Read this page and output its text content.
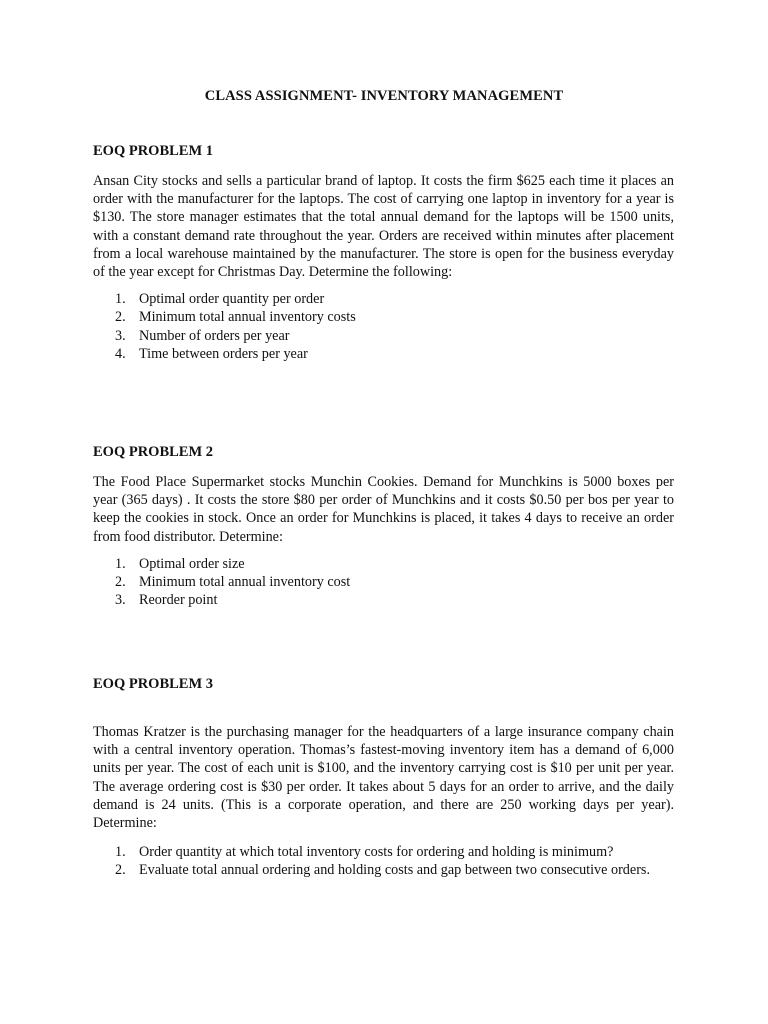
CLASS ASSIGNMENT- INVENTORY MANAGEMENT

EOQ PROBLEM 1

Ansan City stocks and sells a particular brand of laptop. It costs the firm $625 each time it places an order with the manufacturer for the laptops. The cost of carrying one laptop in inventory for a year is $130. The store manager estimates that the total annual demand for the laptops will be 1500 units, with a constant demand rate throughout the year. Orders are received within minutes after placement from a local warehouse maintained by the manufacturer. The store is open for the business everyday of the year except for Christmas Day. Determine the following:

1. Optimal order quantity per order
2. Minimum total annual inventory costs
3. Number of orders per year
4. Time between orders per year

EOQ PROBLEM 2

The Food Place Supermarket stocks Munchin Cookies. Demand for Munchkins is 5000 boxes per year (365 days) . It costs the store $80 per order of Munchkins and it costs $0.50 per bos per year to keep the cookies in stock. Once an order for Munchkins is placed, it takes 4 days to receive an order from food distributor. Determine:

1. Optimal order size
2. Minimum total annual inventory cost
3. Reorder point

EOQ PROBLEM 3

Thomas Kratzer is the purchasing manager for the headquarters of a large insurance company chain with a central inventory operation. Thomas’s fastest-moving inventory item has a demand of 6,000 units per year. The cost of each unit is $100, and the inventory carrying cost is $10 per unit per year. The average ordering cost is $30 per order. It takes about 5 days for an order to arrive, and the daily demand is 24 units. (This is a corporate operation, and there are 250 working days per year). Determine:

1. Order quantity at which total inventory costs for ordering and holding is minimum?
2. Evaluate total annual ordering and holding costs and gap between two consecutive orders.
